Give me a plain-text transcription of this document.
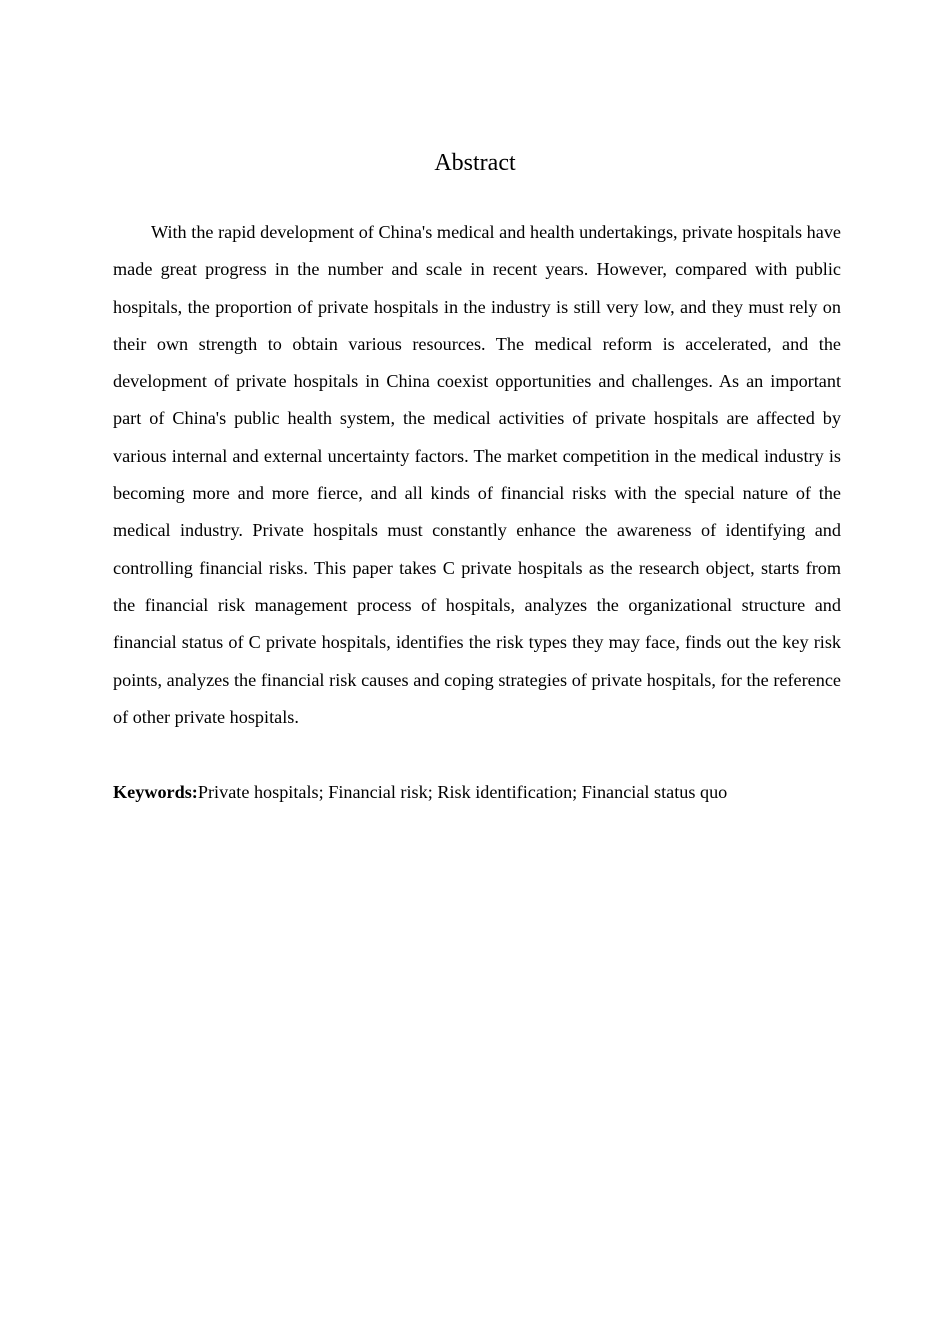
Abstract

With the rapid development of China's medical and health undertakings, private hospitals have made great progress in the number and scale in recent years. However, compared with public hospitals, the proportion of private hospitals in the industry is still very low, and they must rely on their own strength to obtain various resources. The medical reform is accelerated, and the development of private hospitals in China coexist opportunities and challenges. As an important part of China's public health system, the medical activities of private hospitals are affected by various internal and external uncertainty factors. The market competition in the medical industry is becoming more and more fierce, and all kinds of financial risks with the special nature of the medical industry. Private hospitals must constantly enhance the awareness of identifying and controlling financial risks. This paper takes C private hospitals as the research object, starts from the financial risk management process of hospitals, analyzes the organizational structure and financial status of C private hospitals, identifies the risk types they may face, finds out the key risk points, analyzes the financial risk causes and coping strategies of private hospitals, for the reference of other private hospitals.

Keywords:Private hospitals; Financial risk; Risk identification; Financial status quo
